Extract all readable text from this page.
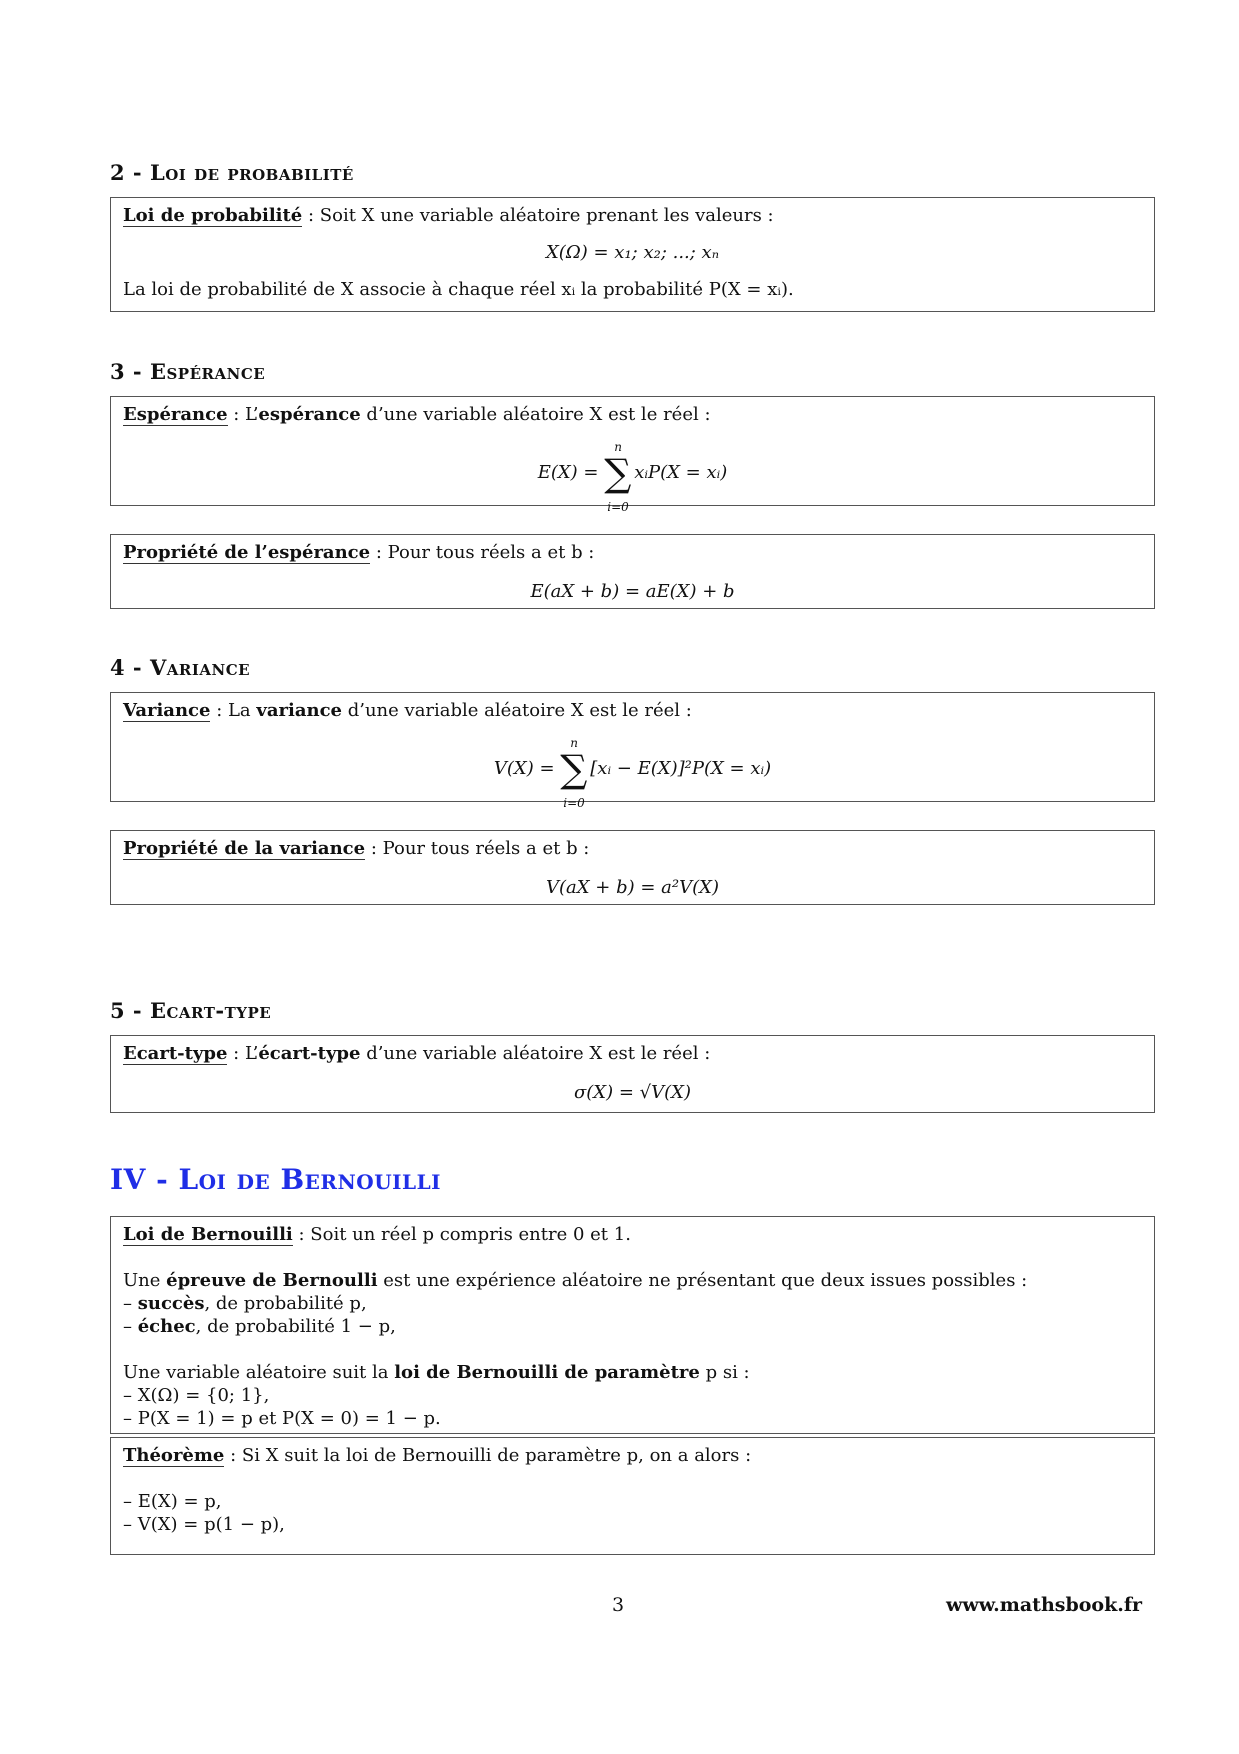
2 - Loi de probabilité
Loi de probabilité : Soit X une variable aléatoire prenant les valeurs :
X(Ω) = x₁; x₂; ...; xₙ
La loi de probabilité de X associe à chaque réel xᵢ la probabilité P(X = xᵢ).
3 - Espérance
Espérance : L’espérance d’une variable aléatoire X est le réel :
E(X) =
n
∑
i=0
xᵢP(X = xᵢ)
Propriété de l’espérance : Pour tous réels a et b :
E(aX + b) = aE(X) + b
4 - Variance
Variance : La variance d’une variable aléatoire X est le réel :
V(X) =
n
∑
i=0
[xᵢ − E(X)]²P(X = xᵢ)
Propriété de la variance : Pour tous réels a et b :
V(aX + b) = a²V(X)
5 - Ecart-type
Ecart-type : L’écart-type d’une variable aléatoire X est le réel :
σ(X) = √V(X)
IV - Loi de Bernouilli
Loi de Bernouilli : Soit un réel p compris entre 0 et 1.
Une épreuve de Bernoulli est une expérience aléatoire ne présentant que deux issues possibles :
– succès, de probabilité p,
– échec, de probabilité 1 − p,
Une variable aléatoire suit la loi de Bernouilli de paramètre p si :
– X(Ω) = {0; 1},
– P(X = 1) = p et P(X = 0) = 1 − p.
Théorème : Si X suit la loi de Bernouilli de paramètre p, on a alors :
– E(X) = p,
– V(X) = p(1 − p),
3	www.mathsbook.fr
